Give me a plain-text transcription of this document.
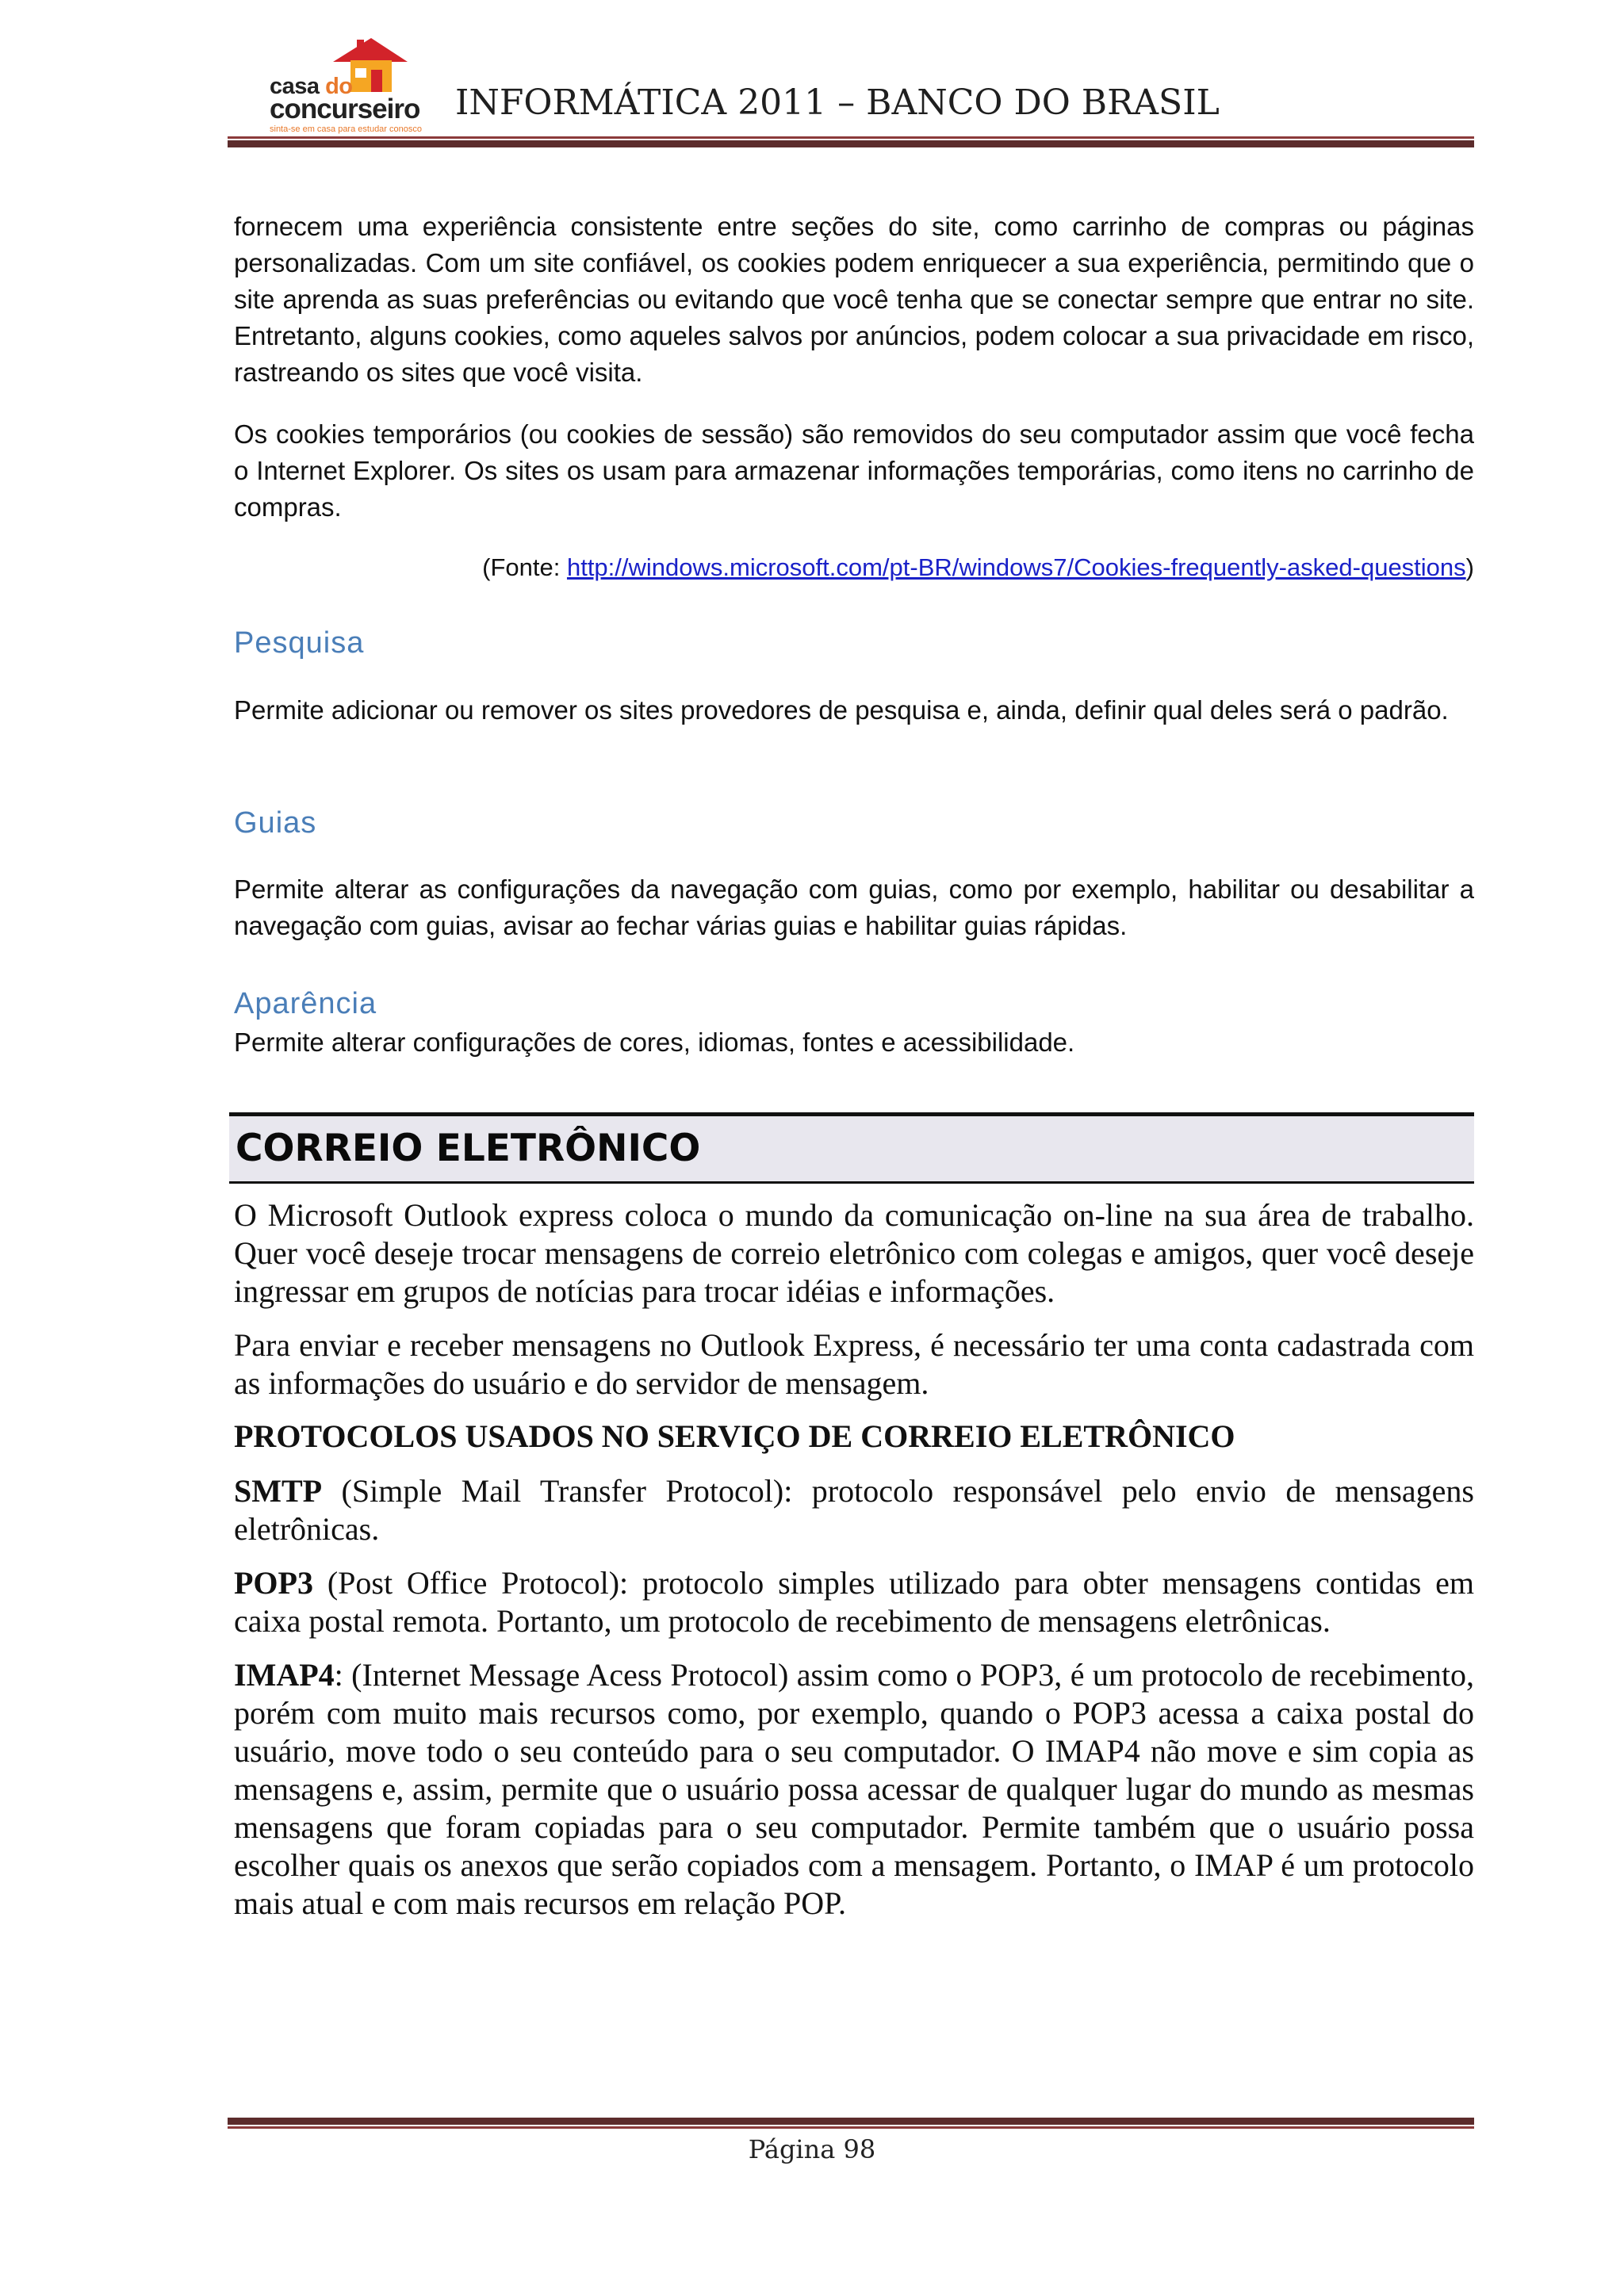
casa do
concurseiro
sinta-se em casa para estudar conosco
INFORMÁTICA 2011 – BANCO DO BRASIL

fornecem uma experiência consistente entre seções do site, como carrinho de compras ou páginas personalizadas. Com um site confiável, os cookies podem enriquecer a sua experiência, permitindo que o site aprenda as suas preferências ou evitando que você tenha que se conectar sempre que entrar no site. Entretanto, alguns cookies, como aqueles salvos por anúncios, podem colocar a sua privacidade em risco, rastreando os sites que você visita.

Os cookies temporários (ou cookies de sessão) são removidos do seu computador assim que você fecha o Internet Explorer. Os sites os usam para armazenar informações temporárias, como itens no carrinho de compras.

(Fonte: http://windows.microsoft.com/pt-BR/windows7/Cookies-frequently-asked-questions)
Pesquisa

Permite adicionar ou remover os sites provedores de pesquisa e, ainda, definir qual deles será o padrão.

Guias

Permite alterar as configurações da navegação com guias, como por exemplo, habilitar ou desabilitar a navegação com guias, avisar ao fechar várias guias e habilitar guias rápidas.

Aparência

Permite alterar configurações de cores, idiomas, fontes e acessibilidade.

CORREIO ELETRÔNICO

O Microsoft Outlook express coloca o mundo da comunicação on-line na sua área de trabalho. Quer você deseje trocar mensagens de correio eletrônico com colegas e amigos, quer você deseje ingressar em grupos de notícias para trocar idéias e informações.

Para enviar e receber mensagens no Outlook Express, é necessário ter uma conta cadastrada com as informações do usuário e do servidor de mensagem.

PROTOCOLOS USADOS NO SERVIÇO DE CORREIO ELETRÔNICO

SMTP (Simple Mail Transfer Protocol): protocolo responsável pelo envio de mensagens eletrônicas.

POP3 (Post Office Protocol): protocolo simples utilizado para obter mensagens contidas em caixa postal remota. Portanto, um protocolo de recebimento de mensagens eletrônicas.

IMAP4: (Internet Message Acess Protocol) assim como o POP3, é um protocolo de recebimento, porém com muito mais recursos como, por exemplo, quando o POP3 acessa a caixa postal do usuário, move todo o seu conteúdo para o seu computador. O IMAP4 não move e sim copia as mensagens e, assim, permite que o usuário possa acessar de qualquer lugar do mundo as mesmas mensagens que foram copiadas para o seu computador. Permite também que o usuário possa escolher quais os anexos que serão copiados com a mensagem. Portanto, o IMAP é um protocolo mais atual e com mais recursos em relação POP.

Página 98
